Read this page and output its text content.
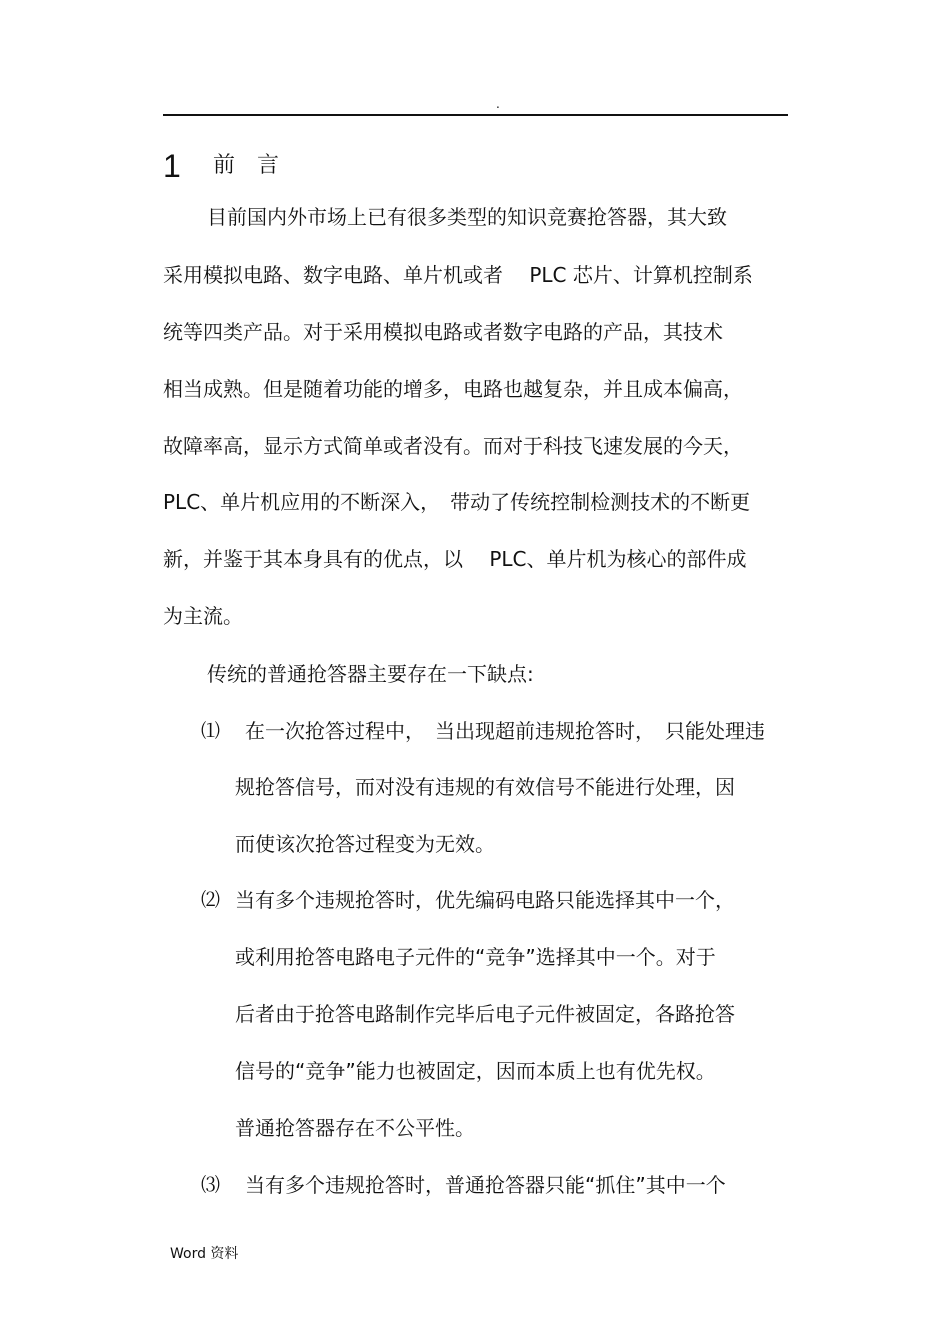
.
1 前言
目前国内外市场上已有很多类型的知识竞赛抢答器，其大致
采用模拟电路、数字电路、单片机或者　 PLC 芯片、计算机控制系
统等四类产品。对于采用模拟电路或者数字电路的产品，其技术
相当成熟。但是随着功能的增多，电路也越复杂，并且成本偏高，
故障率高，显示方式简单或者没有。而对于科技飞速发展的今天，
PLC、单片机应用的不断深入，　带动了传统控制检测技术的不断更
新，并鉴于其本身具有的优点，以　 PLC、单片机为核心的部件成
为主流。
传统的普通抢答器主要存在一下缺点:
⑴ 在一次抢答过程中，　当出现超前违规抢答时，　只能处理违
规抢答信号，而对没有违规的有效信号不能进行处理，因
而使该次抢答过程变为无效。
⑵ 当有多个违规抢答时，优先编码电路只能选择其中一个，
或利用抢答电路电子元件的“竞争”选择其中一个。对于
后者由于抢答电路制作完毕后电子元件被固定，各路抢答
信号的“竞争”能力也被固定，因而本质上也有优先权。
普通抢答器存在不公平性。
⑶ 当有多个违规抢答时，普通抢答器只能“抓住”其中一个
Word 资料
